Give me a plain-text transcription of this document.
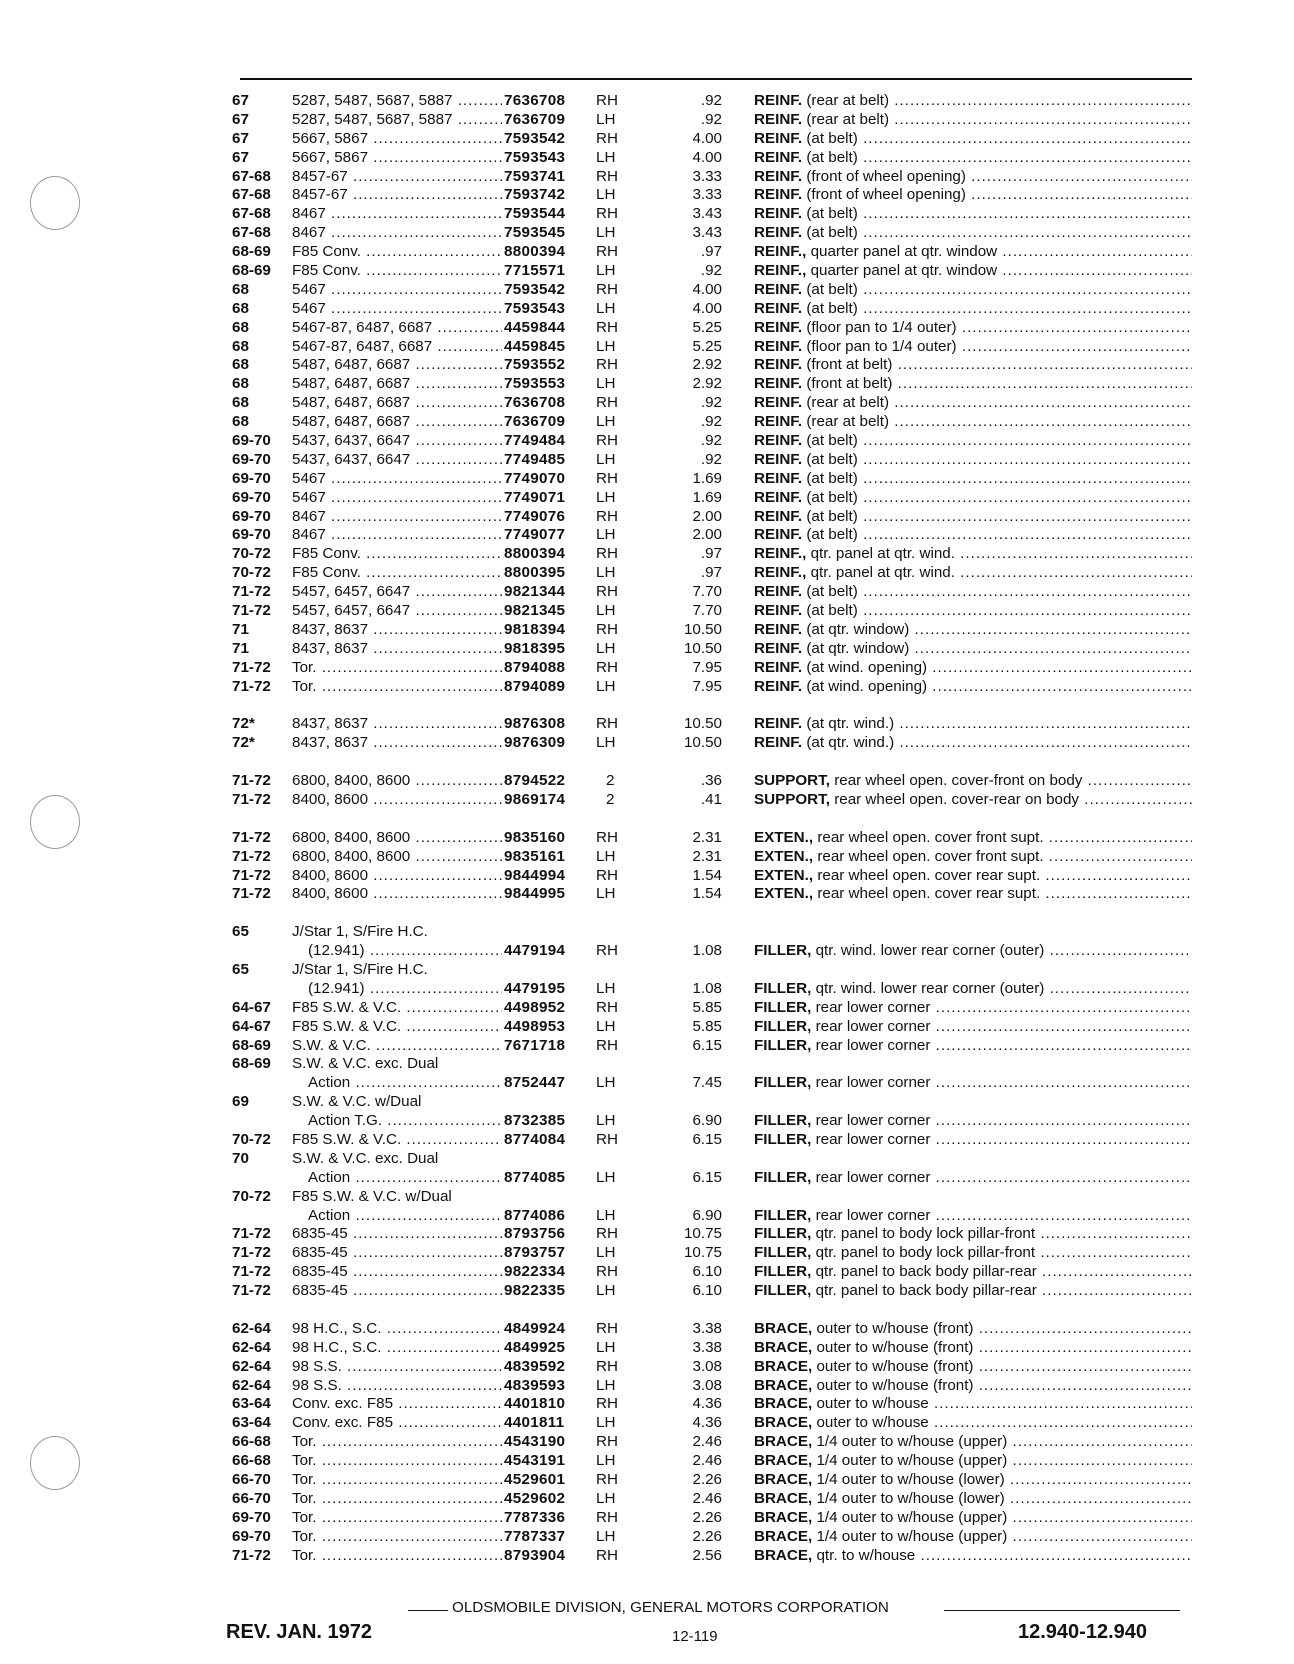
67	5287, 5487, 5687, 5887 .....	7636708 RH	.92 REINF. (rear at belt) .....
67	5287, 5487, 5687, 5887 .....	7636709 LH	.92 REINF. (rear at belt) .....
67	5667, 5867 .....	7593542 RH	4.00 REINF. (at belt) .....
67	5667, 5867 .....	7593543 LH	4.00 REINF. (at belt) .....
67-68 8457-67 .....	7593741 RH	3.33 REINF. (front of wheel opening) .....
67-68 8457-67 .....	7593742 LH	3.33 REINF. (front of wheel opening) .....
67-68 8467 .....	7593544 RH	3.43 REINF. (at belt) .....
67-68 8467 .....	7593545 LH	3.43 REINF. (at belt) .....
68-69 F85 Conv. .....	8800394 RH	.97 REINF., quarter panel at qtr. window .....
68-69 F85 Conv. .....	7715571 LH	.92 REINF., quarter panel at qtr. window .....
68	5467 .....	7593542 RH	4.00 REINF. (at belt) .....
68	5467 .....	7593543 LH	4.00 REINF. (at belt) .....
68	5467-87, 6487, 6687 .....	4459844 RH	5.25 REINF. (floor pan to 1/4 outer) .....
68	5467-87, 6487, 6687 .....	4459845 LH	5.25 REINF. (floor pan to 1/4 outer) .....
68	5487, 6487, 6687 .....	7593552 RH	2.92 REINF. (front at belt) .....
68	5487, 6487, 6687 .....	7593553 LH	2.92 REINF. (front at belt) .....
68	5487, 6487, 6687 .....	7636708 RH	.92 REINF. (rear at belt) .....
68	5487, 6487, 6687 .....	7636709 LH	.92 REINF. (rear at belt) .....
69-70 5437, 6437, 6647 .....	7749484 RH	.92 REINF. (at belt) .....
69-70 5437, 6437, 6647 .....	7749485 LH	.92 REINF. (at belt) .....
69-70 5467 .....	7749070 RH	1.69 REINF. (at belt) .....
69-70 5467 .....	7749071 LH	1.69 REINF. (at belt) .....
69-70 8467 .....	7749076 RH	2.00 REINF. (at belt) .....
69-70 8467 .....	7749077 LH	2.00 REINF. (at belt) .....
70-72 F85 Conv. .....	8800394 RH	.97 REINF., qtr. panel at qtr. wind. .....
70-72 F85 Conv. .....	8800395 LH	.97 REINF., qtr. panel at qtr. wind. .....
71-72 5457, 6457, 6647 .....	9821344 RH	7.70 REINF. (at belt) .....
71-72 5457, 6457, 6647 .....	9821345 LH	7.70 REINF. (at belt) .....
71	8437, 8637 .....	9818394 RH	10.50 REINF. (at qtr. window) .....
71	8437, 8637 .....	9818395 LH	10.50 REINF. (at qtr. window) .....
71-72 Tor. .....	8794088 RH	7.95 REINF. (at wind. opening) .....
71-72 Tor. .....	8794089 LH	7.95 REINF. (at wind. opening) .....
72* 8437, 8637 .....	9876308 RH	10.50 REINF. (at qtr. wind.) .....
72* 8437, 8637 .....	9876309 LH	10.50 REINF. (at qtr. wind.) .....
71-72 6800, 8400, 8600 .....	8794522	2	.36 SUPPORT, rear wheel open. cover-front on body .....
71-72 8400, 8600 .....	9869174	2	.41 SUPPORT, rear wheel open. cover-rear on body .....
71-72 6800, 8400, 8600 .....	9835160 RH	2.31 EXTEN., rear wheel open. cover front supt. .....
71-72 6800, 8400, 8600 .....	9835161 LH	2.31 EXTEN., rear wheel open. cover front supt. .....
71-72 8400, 8600 .....	9844994 RH	1.54 EXTEN., rear wheel open. cover rear supt. .....
71-72 8400, 8600 .....	9844995 LH	1.54 EXTEN., rear wheel open. cover rear supt. .....
65	J/Star 1, S/Fire H.C.
(12.941) .....	4479194 RH	1.08 FILLER, qtr. wind. lower rear corner (outer) .....
65	J/Star 1, S/Fire H.C.
(12.941) .....	4479195 LH	1.08 FILLER, qtr. wind. lower rear corner (outer) .....
64-67 F85 S.W. & V.C. .....	4498952 RH	5.85 FILLER, rear lower corner .....
64-67 F85 S.W. & V.C. .....	4498953 LH	5.85 FILLER, rear lower corner .....
68-69 S.W. & V.C. .....	7671718 RH	6.15 FILLER, rear lower corner .....
68-69 S.W. & V.C. exc. Dual
Action .....	8752447 LH	7.45 FILLER, rear lower corner .....
69	S.W. & V.C. w/Dual
Action T.G. .....	8732385 LH	6.90 FILLER, rear lower corner .....
70-72 F85 S.W. & V.C. .....	8774084 RH	6.15 FILLER, rear lower corner .....
70	S.W. & V.C. exc. Dual
Action .....	8774085 LH	6.15 FILLER, rear lower corner .....
70-72 F85 S.W. & V.C. w/Dual
Action .....	8774086 LH	6.90 FILLER, rear lower corner .....
71-72 6835-45 .....	8793756 RH	10.75 FILLER, qtr. panel to body lock pillar-front .....
71-72 6835-45 .....	8793757 LH	10.75 FILLER, qtr. panel to body lock pillar-front .....
71-72 6835-45 .....	9822334 RH	6.10 FILLER, qtr. panel to back body pillar-rear .....
71-72 6835-45 .....	9822335 LH	6.10 FILLER, qtr. panel to back body pillar-rear .....
62-64 98 H.C., S.C. .....	4849924 RH	3.38 BRACE, outer to w/house (front) .....
62-64 98 H.C., S.C. .....	4849925 LH	3.38 BRACE, outer to w/house (front) .....
62-64 98 S.S. .....	4839592 RH	3.08 BRACE, outer to w/house (front) .....
62-64 98 S.S. .....	4839593 LH	3.08 BRACE, outer to w/house (front) .....
63-64 Conv. exc. F85 .....	4401810 RH	4.36 BRACE, outer to w/house .....
63-64 Conv. exc. F85 .....	4401811 LH	4.36 BRACE, outer to w/house .....
66-68 Tor. .....	4543190 RH	2.46 BRACE, 1/4 outer to w/house (upper) .....
66-68 Tor. .....	4543191 LH	2.46 BRACE, 1/4 outer to w/house (upper) .....
66-70 Tor. .....	4529601 RH	2.26 BRACE, 1/4 outer to w/house (lower) .....
66-70 Tor. .....	4529602 LH	2.46 BRACE, 1/4 outer to w/house (lower) .....
69-70 Tor. .....	7787336 RH	2.26 BRACE, 1/4 outer to w/house (upper) .....
69-70 Tor. .....	7787337 LH	2.26 BRACE, 1/4 outer to w/house (upper) .....
71-72 Tor. .....	8793904 RH	2.56 BRACE, qtr. to w/house .....
OLDSMOBILE DIVISION, GENERAL MOTORS CORPORATION
REV. JAN. 1972	12-119	12.940-12.940
